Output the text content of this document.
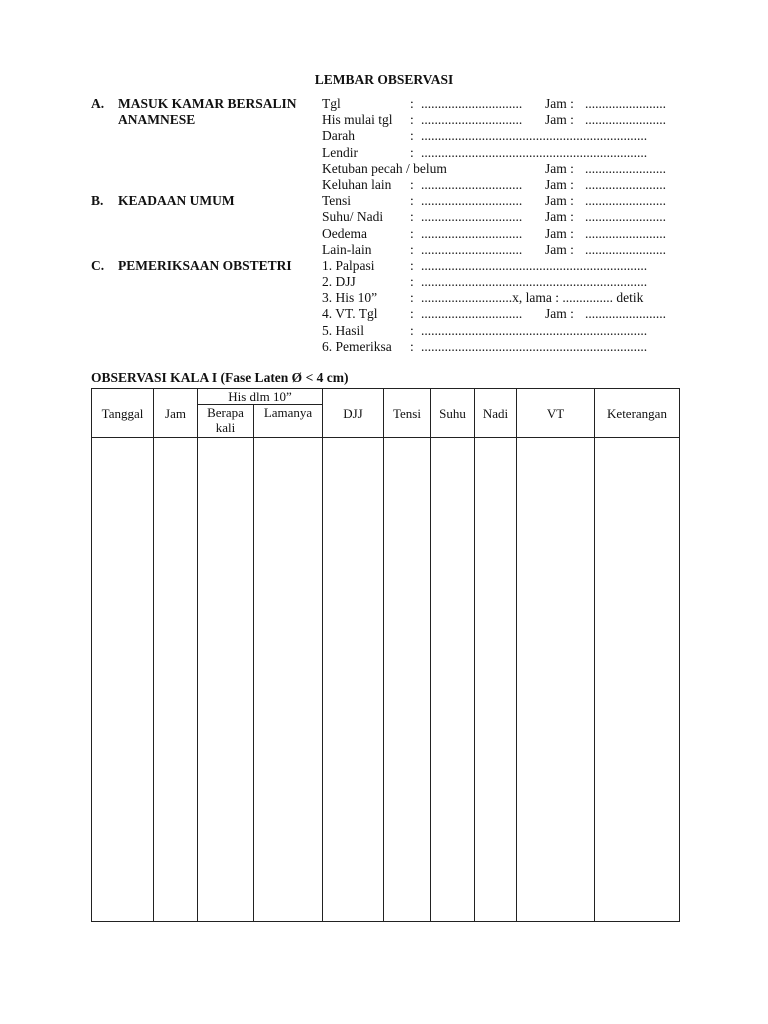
LEMBAR OBSERVASI
A. MASUK KAMAR BERSALIN
ANAMNESE
B. KEADAAN UMUM
C. PEMERIKSAAN OBSTETRI
Tgl	: .............................. Jam : ........................
His mulai tgl : .............................. Jam : ........................
Darah	: ...................................................................
Lendir	: ...................................................................
Ketuban pecah / belum	Jam : ........................
Keluhan lain : .............................. Jam : ........................
Tensi	: .............................. Jam : ........................
Suhu/ Nadi : .............................. Jam : ........................
Oedema	: .............................. Jam : ........................
Lain-lain	: .............................. Jam : ........................
1. Palpasi	: ...................................................................
2. DJJ	: ...................................................................
3. His 10” : ...........................x, lama : ............... detik
4. VT. Tgl : .............................. Jam : ........................
5. Hasil	: ...................................................................
6. Pemeriksa : ...................................................................
OBSERVASI KALA I (Fase Laten Ø < 4 cm)
Tanggal	Jam	His dlm 10”		DJJ	Tensi	Suhu	Nadi	VT	Keterangan
		Berapa kali	Lamanya						
